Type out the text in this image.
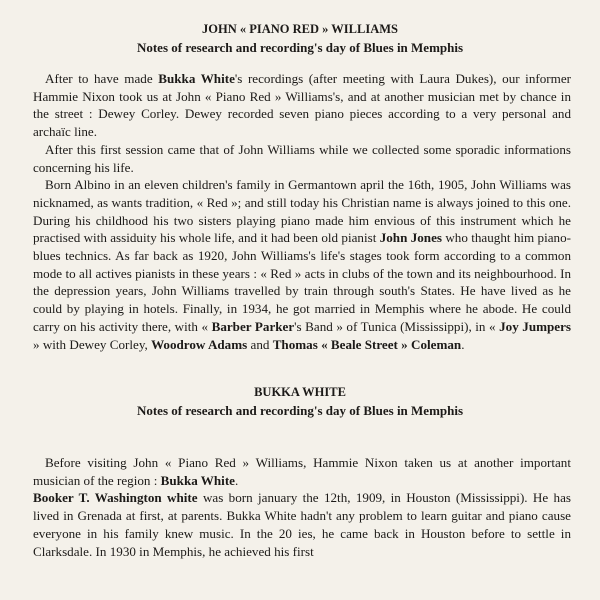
JOHN « PIANO RED » WILLIAMS

Notes of research and recording's day of Blues in Memphis

After to have made Bukka White's recordings (after meeting with Laura Dukes), our informer Hammie Nixon took us at John « Piano Red » Williams's, and at another musician met by chance in the street : Dewey Corley. Dewey recorded seven piano pieces according to a very personal and archaïc line.

After this first session came that of John Williams while we collected some sporadic informations concerning his life.

Born Albino in an eleven children's family in Germantown april the 16th, 1905, John Williams was nicknamed, as wants tradition, « Red »; and still today his Christian name is always joined to this one. During his childhood his two sisters playing piano made him envious of this instrument which he practised with assiduity his whole life, and it had been old pianist John Jones who thaught him piano-blues technics. As far back as 1920, John Williams's life's stages took form according to a common mode to all actives pianists in these years : « Red » acts in clubs of the town and its neighbourhood. In the depression years, John Williams travelled by train through south's States. He have lived as he could by playing in hotels. Finally, in 1934, he got married in Memphis where he abode. He could carry on his activity there, with « Barber Parker's Band » of Tunica (Mississippi), in « Joy Jumpers » with Dewey Corley, Woodrow Adams and Thomas « Beale Street » Coleman.

BUKKA WHITE

Notes of research and recording's day of Blues in Memphis

Before visiting John « Piano Red » Williams, Hammie Nixon taken us at another important musician of the region : Bukka White.

Booker T. Washington white was born january the 12th, 1909, in Houston (Mississippi). He has lived in Grenada at first, at parents. Bukka White hadn't any problem to learn guitar and piano cause everyone in his family knew music. In the 20 ies, he came back in Houston before to settle in Clarksdale. In 1930 in Memphis, he achieved his first
